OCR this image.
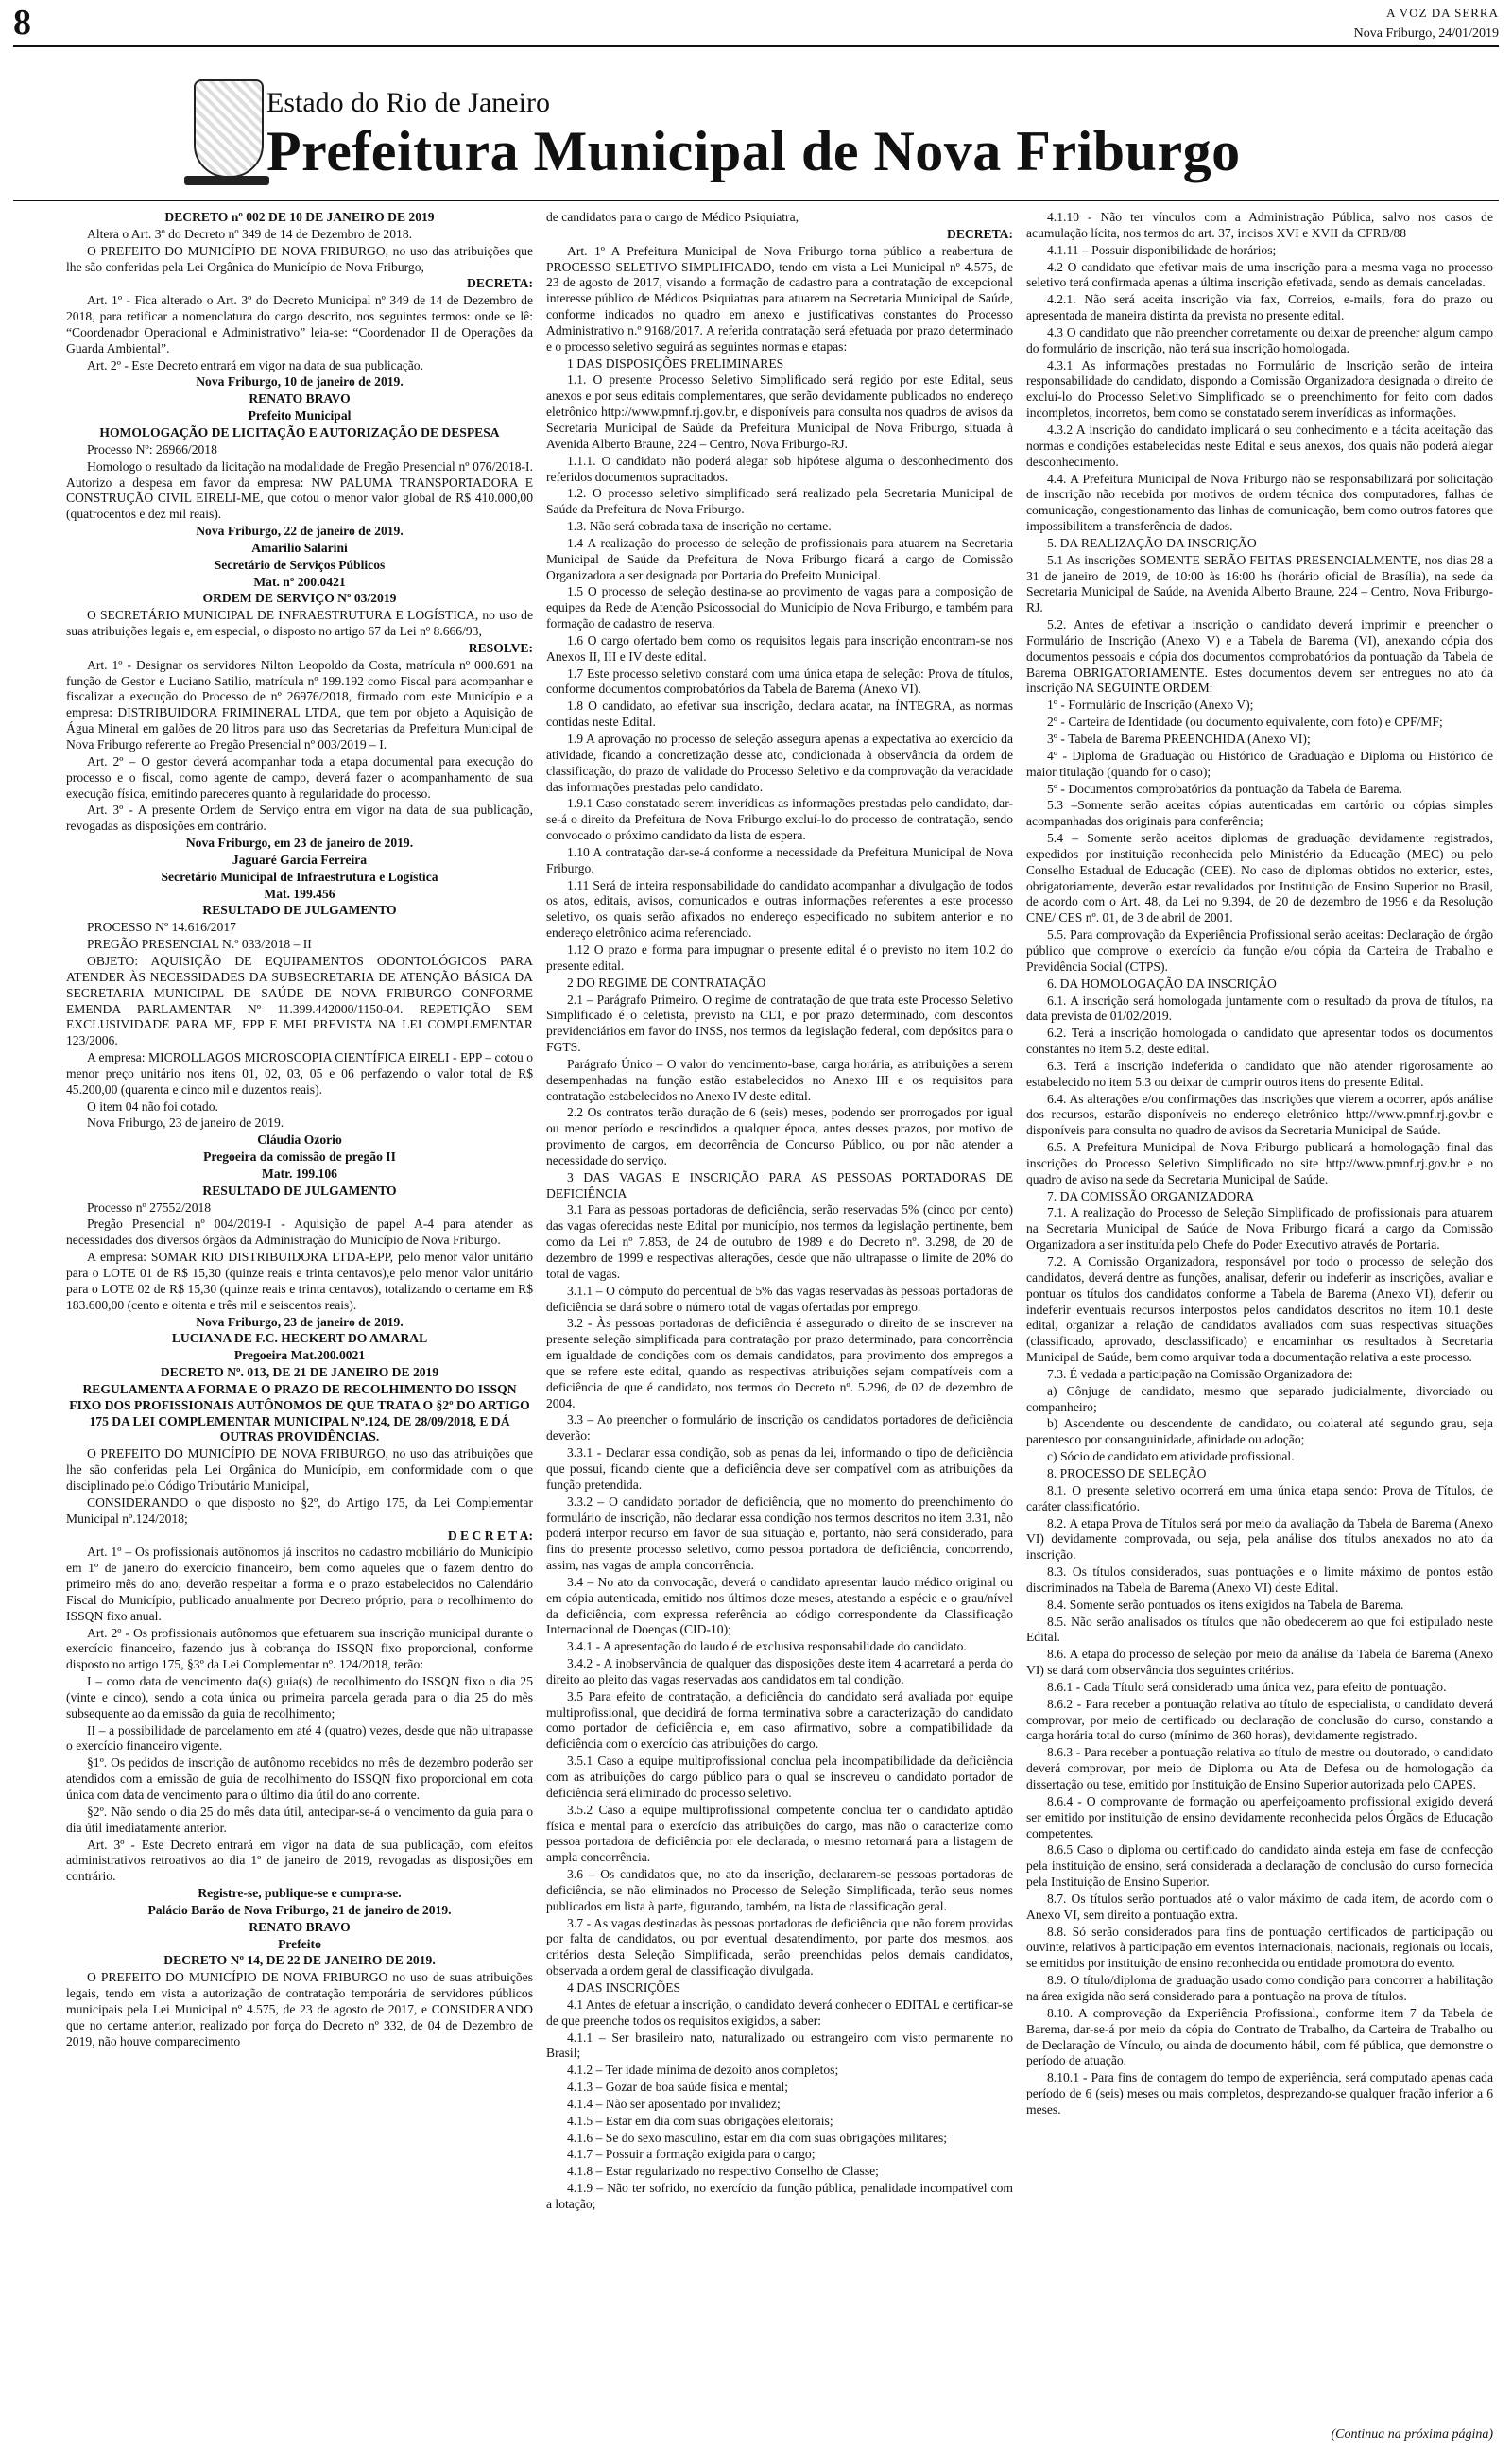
8	A VOZ DA SERRA
Nova Friburgo, 24/01/2019
Estado do Rio de Janeiro
Prefeitura Municipal de Nova Friburgo

DECRETO nº 002 DE 10 DE JANEIRO DE 2019

Altera o Art. 3º do Decreto nº 349 de 14 de Dezembro de 2018.

O PREFEITO DO MUNICÍPIO DE NOVA FRIBURGO, no uso das atribuições que lhe são conferidas pela Lei Orgânica do Município de Nova Friburgo,

DECRETA:

Art. 1º - Fica alterado o Art. 3º do Decreto Municipal nº 349 de 14 de Dezembro de 2018, para retificar a nomenclatura do cargo descrito, nos seguintes termos: onde se lê: “Coordenador Operacional e Administrativo” leia-se: “Coordenador II de Operações da Guarda Ambiental”.

Art. 2º - Este Decreto entrará em vigor na data de sua publicação.

Nova Friburgo, 10 de janeiro de 2019.

RENATO BRAVO

Prefeito Municipal

HOMOLOGAÇÃO DE LICITAÇÃO E AUTORIZAÇÃO DE DESPESA

Processo Nº: 26966/2018

Homologo o resultado da licitação na modalidade de Pregão Presencial nº 076/2018-I. Autorizo a despesa em favor da empresa: NW PALUMA TRANSPORTADORA E CONSTRUÇÃO CIVIL EIRELI-ME, que cotou o menor valor global de R$ 410.000,00 (quatrocentos e dez mil reais).

Nova Friburgo, 22 de janeiro de 2019.

Amarilio Salarini

Secretário de Serviços Públicos

Mat. nº 200.0421

ORDEM DE SERVIÇO Nº 03/2019

O SECRETÁRIO MUNICIPAL DE INFRAESTRUTURA E LOGÍSTICA, no uso de suas atribuições legais e, em especial, o disposto no artigo 67 da Lei nº 8.666/93,

RESOLVE:

Art. 1º - Designar os servidores Nilton Leopoldo da Costa, matrícula nº 000.691 na função de Gestor e Luciano Satilio, matrícula nº 199.192 como Fiscal para acompanhar e fiscalizar a execução do Processo de nº 26976/2018, firmado com este Município e a empresa: DISTRIBUIDORA FRIMINERAL LTDA, que tem por objeto a Aquisição de Água Mineral em galões de 20 litros para uso das Secretarias da Prefeitura Municipal de Nova Friburgo referente ao Pregão Presencial nº 003/2019 – I.

Art. 2º – O gestor deverá acompanhar toda a etapa documental para execução do processo e o fiscal, como agente de campo, deverá fazer o acompanhamento de sua execução física, emitindo pareceres quanto à regularidade do processo.

Art. 3º - A presente Ordem de Serviço entra em vigor na data de sua publicação, revogadas as disposições em contrário.

Nova Friburgo, em 23 de janeiro de 2019.

Jaguaré Garcia Ferreira

Secretário Municipal de Infraestrutura e Logística

Mat. 199.456

RESULTADO DE JULGAMENTO

PROCESSO Nº 14.616/2017

PREGÃO PRESENCIAL N.º 033/2018 – II

OBJETO: AQUISIÇÃO DE EQUIPAMENTOS ODONTOLÓGICOS PARA ATENDER ÀS NECESSIDADES DA SUBSECRETARIA DE ATENÇÃO BÁSICA DA SECRETARIA MUNICIPAL DE SAÚDE DE NOVA FRIBURGO CONFORME EMENDA PARLAMENTAR Nº 11.399.442000/1150-04. REPETIÇÃO SEM EXCLUSIVIDADE PARA ME, EPP E MEI PREVISTA NA LEI COMPLEMENTAR 123/2006.

A empresa: MICROLLAGOS MICROSCOPIA CIENTÍFICA EIRELI - EPP – cotou o menor preço unitário nos itens 01, 02, 03, 05 e 06 perfazendo o valor total de R$ 45.200,00 (quarenta e cinco mil e duzentos reais).

O item 04 não foi cotado.

Nova Friburgo, 23 de janeiro de 2019.

Cláudia Ozorio

Pregoeira da comissão de pregão II

Matr. 199.106

RESULTADO DE JULGAMENTO

Processo nº 27552/2018

Pregão Presencial nº 004/2019-I - Aquisição de papel A-4 para atender as necessidades dos diversos órgãos da Administração do Município de Nova Friburgo.

A empresa: SOMAR RIO DISTRIBUIDORA LTDA-EPP, pelo menor valor unitário para o LOTE 01 de R$ 15,30 (quinze reais e trinta centavos),e pelo menor valor unitário para o LOTE 02 de R$ 15,30 (quinze reais e trinta centavos), totalizando o certame em R$ 183.600,00 (cento e oitenta e três mil e seiscentos reais).

Nova Friburgo, 23 de janeiro de 2019.

LUCIANA DE F.C. HECKERT DO AMARAL

Pregoeira Mat.200.0021

DECRETO Nº. 013, DE 21 DE JANEIRO DE 2019

REGULAMENTA A FORMA E O PRAZO DE RECOLHIMENTO DO ISSQN FIXO DOS PROFISSIONAIS AUTÔNOMOS DE QUE TRATA O §2º DO ARTIGO 175 DA LEI COMPLEMENTAR MUNICIPAL Nº.124, DE 28/09/2018, E DÁ OUTRAS PROVIDÊNCIAS.

O PREFEITO DO MUNICÍPIO DE NOVA FRIBURGO, no uso das atribuições que lhe são conferidas pela Lei Orgânica do Município, em conformidade com o que disciplinado pelo Código Tributário Municipal,

CONSIDERANDO o que disposto no §2º, do Artigo 175, da Lei Complementar Municipal nº.124/2018;

D E C R E T A:

Art. 1º – Os profissionais autônomos já inscritos no cadastro mobiliário do Município em 1º de janeiro do exercício financeiro, bem como aqueles que o fazem dentro do primeiro mês do ano, deverão respeitar a forma e o prazo estabelecidos no Calendário Fiscal do Município, publicado anualmente por Decreto próprio, para o recolhimento do ISSQN fixo anual.

Art. 2º - Os profissionais autônomos que efetuarem sua inscrição municipal durante o exercício financeiro, fazendo jus à cobrança do ISSQN fixo proporcional, conforme disposto no artigo 175, §3º da Lei Complementar nº. 124/2018, terão:

I – como data de vencimento da(s) guia(s) de recolhimento do ISSQN fixo o dia 25 (vinte e cinco), sendo a cota única ou primeira parcela gerada para o dia 25 do mês subsequente ao da emissão da guia de recolhimento;

II – a possibilidade de parcelamento em até 4 (quatro) vezes, desde que não ultrapasse o exercício financeiro vigente.

§1º. Os pedidos de inscrição de autônomo recebidos no mês de dezembro poderão ser atendidos com a emissão de guia de recolhimento do ISSQN fixo proporcional em cota única com data de vencimento para o último dia útil do ano corrente.

§2º. Não sendo o dia 25 do mês data útil, antecipar-se-á o vencimento da guia para o dia útil imediatamente anterior.

Art. 3º - Este Decreto entrará em vigor na data de sua publicação, com efeitos administrativos retroativos ao dia 1º de janeiro de 2019, revogadas as disposições em contrário.

Registre-se, publique-se e cumpra-se.

Palácio Barão de Nova Friburgo, 21 de janeiro de 2019.

RENATO BRAVO

Prefeito

DECRETO Nº 14, DE 22 DE JANEIRO DE 2019.

O PREFEITO DO MUNICÍPIO DE NOVA FRIBURGO no uso de suas atribuições legais, tendo em vista a autorização de contratação temporária de servidores públicos municipais pela Lei Municipal nº 4.575, de 23 de agosto de 2017, e CONSIDERANDO que no certame anterior, realizado por força do Decreto nº 332, de 04 de Dezembro de 2019, não houve comparecimento

de candidatos para o cargo de Médico Psiquiatra,

DECRETA:

Art. 1º A Prefeitura Municipal de Nova Friburgo torna público a reabertura de PROCESSO SELETIVO SIMPLIFICADO, tendo em vista a Lei Municipal nº 4.575, de 23 de agosto de 2017, visando a formação de cadastro para a contratação de excepcional interesse público de Médicos Psiquiatras para atuarem na Secretaria Municipal de Saúde, conforme indicados no quadro em anexo e justificativas constantes do Processo Administrativo n.º 9168/2017. A referida contratação será efetuada por prazo determinado e o processo seletivo seguirá as seguintes normas e etapas:

1 DAS DISPOSIÇÕES PRELIMINARES

1.1. O presente Processo Seletivo Simplificado será regido por este Edital, seus anexos e por seus editais complementares, que serão devidamente publicados no endereço eletrônico http://www.pmnf.rj.gov.br, e disponíveis para consulta nos quadros de avisos da Secretaria Municipal de Saúde da Prefeitura Municipal de Nova Friburgo, situada à Avenida Alberto Braune, 224 – Centro, Nova Friburgo-RJ.

1.1.1. O candidato não poderá alegar sob hipótese alguma o desconhecimento dos referidos documentos supracitados.

1.2. O processo seletivo simplificado será realizado pela Secretaria Municipal de Saúde da Prefeitura de Nova Friburgo.

1.3. Não será cobrada taxa de inscrição no certame.

1.4 A realização do processo de seleção de profissionais para atuarem na Secretaria Municipal de Saúde da Prefeitura de Nova Friburgo ficará a cargo de Comissão Organizadora a ser designada por Portaria do Prefeito Municipal.

1.5 O processo de seleção destina-se ao provimento de vagas para a composição de equipes da Rede de Atenção Psicossocial do Município de Nova Friburgo, e também para formação de cadastro de reserva.

1.6 O cargo ofertado bem como os requisitos legais para inscrição encontram-se nos Anexos II, III e IV deste edital.

1.7 Este processo seletivo constará com uma única etapa de seleção: Prova de títulos, conforme documentos comprobatórios da Tabela de Barema (Anexo VI).

1.8 O candidato, ao efetivar sua inscrição, declara acatar, na ÍNTEGRA, as normas contidas neste Edital.

1.9 A aprovação no processo de seleção assegura apenas a expectativa ao exercício da atividade, ficando a concretização desse ato, condicionada à observância da ordem de classificação, do prazo de validade do Processo Seletivo e da comprovação da veracidade das informações prestadas pelo candidato.

1.9.1 Caso constatado serem inverídicas as informações prestadas pelo candidato, dar-se-á o direito da Prefeitura de Nova Friburgo excluí-lo do processo de contratação, sendo convocado o próximo candidato da lista de espera.

1.10 A contratação dar-se-á conforme a necessidade da Prefeitura Municipal de Nova Friburgo.

1.11 Será de inteira responsabilidade do candidato acompanhar a divulgação de todos os atos, editais, avisos, comunicados e outras informações referentes a este processo seletivo, os quais serão afixados no endereço especificado no subitem anterior e no endereço eletrônico acima referenciado.

1.12 O prazo e forma para impugnar o presente edital é o previsto no item 10.2 do presente edital.

2 DO REGIME DE CONTRATAÇÃO

2.1 – Parágrafo Primeiro. O regime de contratação de que trata este Processo Seletivo Simplificado é o celetista, previsto na CLT, e por prazo determinado, com descontos previdenciários em favor do INSS, nos termos da legislação federal, com depósitos para o FGTS.

Parágrafo Único – O valor do vencimento-base, carga horária, as atribuições a serem desempenhadas na função estão estabelecidos no Anexo III e os requisitos para contratação estabelecidos no Anexo IV deste edital.

2.2 Os contratos terão duração de 6 (seis) meses, podendo ser prorrogados por igual ou menor período e rescindidos a qualquer época, antes desses prazos, por motivo de provimento de cargos, em decorrência de Concurso Público, ou por não atender a necessidade do serviço.

3 DAS VAGAS E INSCRIÇÃO PARA AS PESSOAS PORTADORAS DE DEFICIÊNCIA

3.1 Para as pessoas portadoras de deficiência, serão reservadas 5% (cinco por cento) das vagas oferecidas neste Edital por município, nos termos da legislação pertinente, bem como da Lei nº 7.853, de 24 de outubro de 1989 e do Decreto nº. 3.298, de 20 de dezembro de 1999 e respectivas alterações, desde que não ultrapasse o limite de 20% do total de vagas.

3.1.1 – O cômputo do percentual de 5% das vagas reservadas às pessoas portadoras de deficiência se dará sobre o número total de vagas ofertadas por emprego.

3.2 - Às pessoas portadoras de deficiência é assegurado o direito de se inscrever na presente seleção simplificada para contratação por prazo determinado, para concorrência em igualdade de condições com os demais candidatos, para provimento dos empregos a que se refere este edital, quando as respectivas atribuições sejam compatíveis com a deficiência de que é candidato, nos termos do Decreto nº. 5.296, de 02 de dezembro de 2004.

3.3 – Ao preencher o formulário de inscrição os candidatos portadores de deficiência deverão:

3.3.1 - Declarar essa condição, sob as penas da lei, informando o tipo de deficiência que possui, ficando ciente que a deficiência deve ser compatível com as atribuições da função pretendida.

3.3.2 – O candidato portador de deficiência, que no momento do preenchimento do formulário de inscrição, não declarar essa condição nos termos descritos no item 3.31, não poderá interpor recurso em favor de sua situação e, portanto, não será considerado, para fins do presente processo seletivo, como pessoa portadora de deficiência, concorrendo, assim, nas vagas de ampla concorrência.

3.4 – No ato da convocação, deverá o candidato apresentar laudo médico original ou em cópia autenticada, emitido nos últimos doze meses, atestando a espécie e o grau/nível da deficiência, com expressa referência ao código correspondente da Classificação Internacional de Doenças (CID-10);

3.4.1 - A apresentação do laudo é de exclusiva responsabilidade do candidato.

3.4.2 - A inobservância de qualquer das disposições deste item 4 acarretará a perda do direito ao pleito das vagas reservadas aos candidatos em tal condição.

3.5 Para efeito de contratação, a deficiência do candidato será avaliada por equipe multiprofissional, que decidirá de forma terminativa sobre a caracterização do candidato como portador de deficiência e, em caso afirmativo, sobre a compatibilidade da deficiência com o exercício das atribuições do cargo.

3.5.1 Caso a equipe multiprofissional conclua pela incompatibilidade da deficiência com as atribuições do cargo público para o qual se inscreveu o candidato portador de deficiência será eliminado do processo seletivo.

3.5.2 Caso a equipe multiprofissional competente conclua ter o candidato aptidão física e mental para o exercício das atribuições do cargo, mas não o caracterize como pessoa portadora de deficiência por ele declarada, o mesmo retornará para a listagem de ampla concorrência.

3.6 – Os candidatos que, no ato da inscrição, declararem-se pessoas portadoras de deficiência, se não eliminados no Processo de Seleção Simplificada, terão seus nomes publicados em lista à parte, figurando, também, na lista de classificação geral.

3.7 - As vagas destinadas às pessoas portadoras de deficiência que não forem providas por falta de candidatos, ou por eventual desatendimento, por parte dos mesmos, aos critérios desta Seleção Simplificada, serão preenchidas pelos demais candidatos, observada a ordem geral de classificação divulgada.

4 DAS INSCRIÇÕES

4.1 Antes de efetuar a inscrição, o candidato deverá conhecer o EDITAL e certificar-se de que preenche todos os requisitos exigidos, a saber:

4.1.1 – Ser brasileiro nato, naturalizado ou estrangeiro com visto permanente no Brasil;

4.1.2 – Ter idade mínima de dezoito anos completos;

4.1.3 – Gozar de boa saúde física e mental;

4.1.4 – Não ser aposentado por invalidez;

4.1.5 – Estar em dia com suas obrigações eleitorais;

4.1.6 – Se do sexo masculino, estar em dia com suas obrigações militares;

4.1.7 – Possuir a formação exigida para o cargo;

4.1.8 – Estar regularizado no respectivo Conselho de Classe;

4.1.9 – Não ter sofrido, no exercício da função pública, penalidade incompatível com a lotação;

4.1.10 - Não ter vínculos com a Administração Pública, salvo nos casos de acumulação lícita, nos termos do art. 37, incisos XVI e XVII da CFRB/88

4.1.11 – Possuir disponibilidade de horários;

4.2 O candidato que efetivar mais de uma inscrição para a mesma vaga no processo seletivo terá confirmada apenas a última inscrição efetivada, sendo as demais canceladas.

4.2.1. Não será aceita inscrição via fax, Correios, e-mails, fora do prazo ou apresentada de maneira distinta da prevista no presente edital.

4.3 O candidato que não preencher corretamente ou deixar de preencher algum campo do formulário de inscrição, não terá sua inscrição homologada.

4.3.1 As informações prestadas no Formulário de Inscrição serão de inteira responsabilidade do candidato, dispondo a Comissão Organizadora designada o direito de excluí-lo do Processo Seletivo Simplificado se o preenchimento for feito com dados incompletos, incorretos, bem como se constatado serem inverídicas as informações.

4.3.2 A inscrição do candidato implicará o seu conhecimento e a tácita aceitação das normas e condições estabelecidas neste Edital e seus anexos, dos quais não poderá alegar desconhecimento.

4.4. A Prefeitura Municipal de Nova Friburgo não se responsabilizará por solicitação de inscrição não recebida por motivos de ordem técnica dos computadores, falhas de comunicação, congestionamento das linhas de comunicação, bem como outros fatores que impossibilitem a transferência de dados.

5. DA REALIZAÇÃO DA INSCRIÇÃO

5.1 As inscrições SOMENTE SERÃO FEITAS PRESENCIALMENTE, nos dias 28 a 31 de janeiro de 2019, de 10:00 às 16:00 hs (horário oficial de Brasília), na sede da Secretaria Municipal de Saúde, na Avenida Alberto Braune, 224 – Centro, Nova Friburgo-RJ.

5.2. Antes de efetivar a inscrição o candidato deverá imprimir e preencher o Formulário de Inscrição (Anexo V) e a Tabela de Barema (VI), anexando cópia dos documentos pessoais e cópia dos documentos comprobatórios da pontuação da Tabela de Barema OBRIGATORIAMENTE. Estes documentos devem ser entregues no ato da inscrição NA SEGUINTE ORDEM:

1º - Formulário de Inscrição (Anexo V);

2º - Carteira de Identidade (ou documento equivalente, com foto) e CPF/MF;

3º - Tabela de Barema PREENCHIDA (Anexo VI);

4º - Diploma de Graduação ou Histórico de Graduação e Diploma ou Histórico de maior titulação (quando for o caso);

5º - Documentos comprobatórios da pontuação da Tabela de Barema.

5.3 –Somente serão aceitas cópias autenticadas em cartório ou cópias simples acompanhadas dos originais para conferência;

5.4 – Somente serão aceitos diplomas de graduação devidamente registrados, expedidos por instituição reconhecida pelo Ministério da Educação (MEC) ou pelo Conselho Estadual de Educação (CEE). No caso de diplomas obtidos no exterior, estes, obrigatoriamente, deverão estar revalidados por Instituição de Ensino Superior no Brasil, de acordo com o Art. 48, da Lei no 9.394, de 20 de dezembro de 1996 e da Resolução CNE/ CES nº. 01, de 3 de abril de 2001.

5.5. Para comprovação da Experiência Profissional serão aceitas: Declaração de órgão público que comprove o exercício da função e/ou cópia da Carteira de Trabalho e Previdência Social (CTPS).

6. DA HOMOLOGAÇÃO DA INSCRIÇÃO

6.1. A inscrição será homologada juntamente com o resultado da prova de títulos, na data prevista de 01/02/2019.

6.2. Terá a inscrição homologada o candidato que apresentar todos os documentos constantes no item 5.2, deste edital.

6.3. Terá a inscrição indeferida o candidato que não atender rigorosamente ao estabelecido no item 5.3 ou deixar de cumprir outros itens do presente Edital.

6.4. As alterações e/ou confirmações das inscrições que vierem a ocorrer, após análise dos recursos, estarão disponíveis no endereço eletrônico http://www.pmnf.rj.gov.br e disponíveis para consulta no quadro de avisos da Secretaria Municipal de Saúde.

6.5. A Prefeitura Municipal de Nova Friburgo publicará a homologação final das inscrições do Processo Seletivo Simplificado no site http://www.pmnf.rj.gov.br e no quadro de aviso na sede da Secretaria Municipal de Saúde.

7. DA COMISSÃO ORGANIZADORA

7.1. A realização do Processo de Seleção Simplificado de profissionais para atuarem na Secretaria Municipal de Saúde de Nova Friburgo ficará a cargo da Comissão Organizadora a ser instituída pelo Chefe do Poder Executivo através de Portaria.

7.2. A Comissão Organizadora, responsável por todo o processo de seleção dos candidatos, deverá dentre as funções, analisar, deferir ou indeferir as inscrições, avaliar e pontuar os títulos dos candidatos conforme a Tabela de Barema (Anexo VI), deferir ou indeferir eventuais recursos interpostos pelos candidatos descritos no item 10.1 deste edital, organizar a relação de candidatos avaliados com suas respectivas situações (classificado, aprovado, desclassificado) e encaminhar os resultados à Secretaria Municipal de Saúde, bem como arquivar toda a documentação relativa a este processo.

7.3. É vedada a participação na Comissão Organizadora de:

a) Cônjuge de candidato, mesmo que separado judicialmente, divorciado ou companheiro;

b) Ascendente ou descendente de candidato, ou colateral até segundo grau, seja parentesco por consanguinidade, afinidade ou adoção;

c) Sócio de candidato em atividade profissional.

8. PROCESSO DE SELEÇÃO

8.1. O presente seletivo ocorrerá em uma única etapa sendo: Prova de Títulos, de caráter classificatório.

8.2. A etapa Prova de Títulos será por meio da avaliação da Tabela de Barema (Anexo VI) devidamente comprovada, ou seja, pela análise dos títulos anexados no ato da inscrição.

8.3. Os títulos considerados, suas pontuações e o limite máximo de pontos estão discriminados na Tabela de Barema (Anexo VI) deste Edital.

8.4. Somente serão pontuados os itens exigidos na Tabela de Barema.

8.5. Não serão analisados os títulos que não obedecerem ao que foi estipulado neste Edital.

8.6. A etapa do processo de seleção por meio da análise da Tabela de Barema (Anexo VI) se dará com observância dos seguintes critérios.

8.6.1 - Cada Título será considerado uma única vez, para efeito de pontuação.

8.6.2 - Para receber a pontuação relativa ao título de especialista, o candidato deverá comprovar, por meio de certificado ou declaração de conclusão do curso, constando a carga horária total do curso (mínimo de 360 horas), devidamente registrado.

8.6.3 - Para receber a pontuação relativa ao título de mestre ou doutorado, o candidato deverá comprovar, por meio de Diploma ou Ata de Defesa ou de homologação da dissertação ou tese, emitido por Instituição de Ensino Superior autorizada pelo CAPES.

8.6.4 - O comprovante de formação ou aperfeiçoamento profissional exigido deverá ser emitido por instituição de ensino devidamente reconhecida pelos Órgãos de Educação competentes.

8.6.5 Caso o diploma ou certificado do candidato ainda esteja em fase de confecção pela instituição de ensino, será considerada a declaração de conclusão do curso fornecida pela Instituição de Ensino Superior.

8.7. Os títulos serão pontuados até o valor máximo de cada item, de acordo com o Anexo VI, sem direito a pontuação extra.

8.8. Só serão considerados para fins de pontuação certificados de participação ou ouvinte, relativos à participação em eventos internacionais, nacionais, regionais ou locais, se emitidos por instituição de ensino reconhecida ou entidade promotora do evento.

8.9. O título/diploma de graduação usado como condição para concorrer a habilitação na área exigida não será considerado para a pontuação na prova de títulos.

8.10. A comprovação da Experiência Profissional, conforme item 7 da Tabela de Barema, dar-se-á por meio da cópia do Contrato de Trabalho, da Carteira de Trabalho ou de Declaração de Vínculo, ou ainda de documento hábil, com fé pública, que demonstre o período de atuação.

8.10.1 - Para fins de contagem do tempo de experiência, será computado apenas cada período de 6 (seis) meses ou mais completos, desprezando-se qualquer fração inferior a 6 meses.

(Continua na próxima página)
